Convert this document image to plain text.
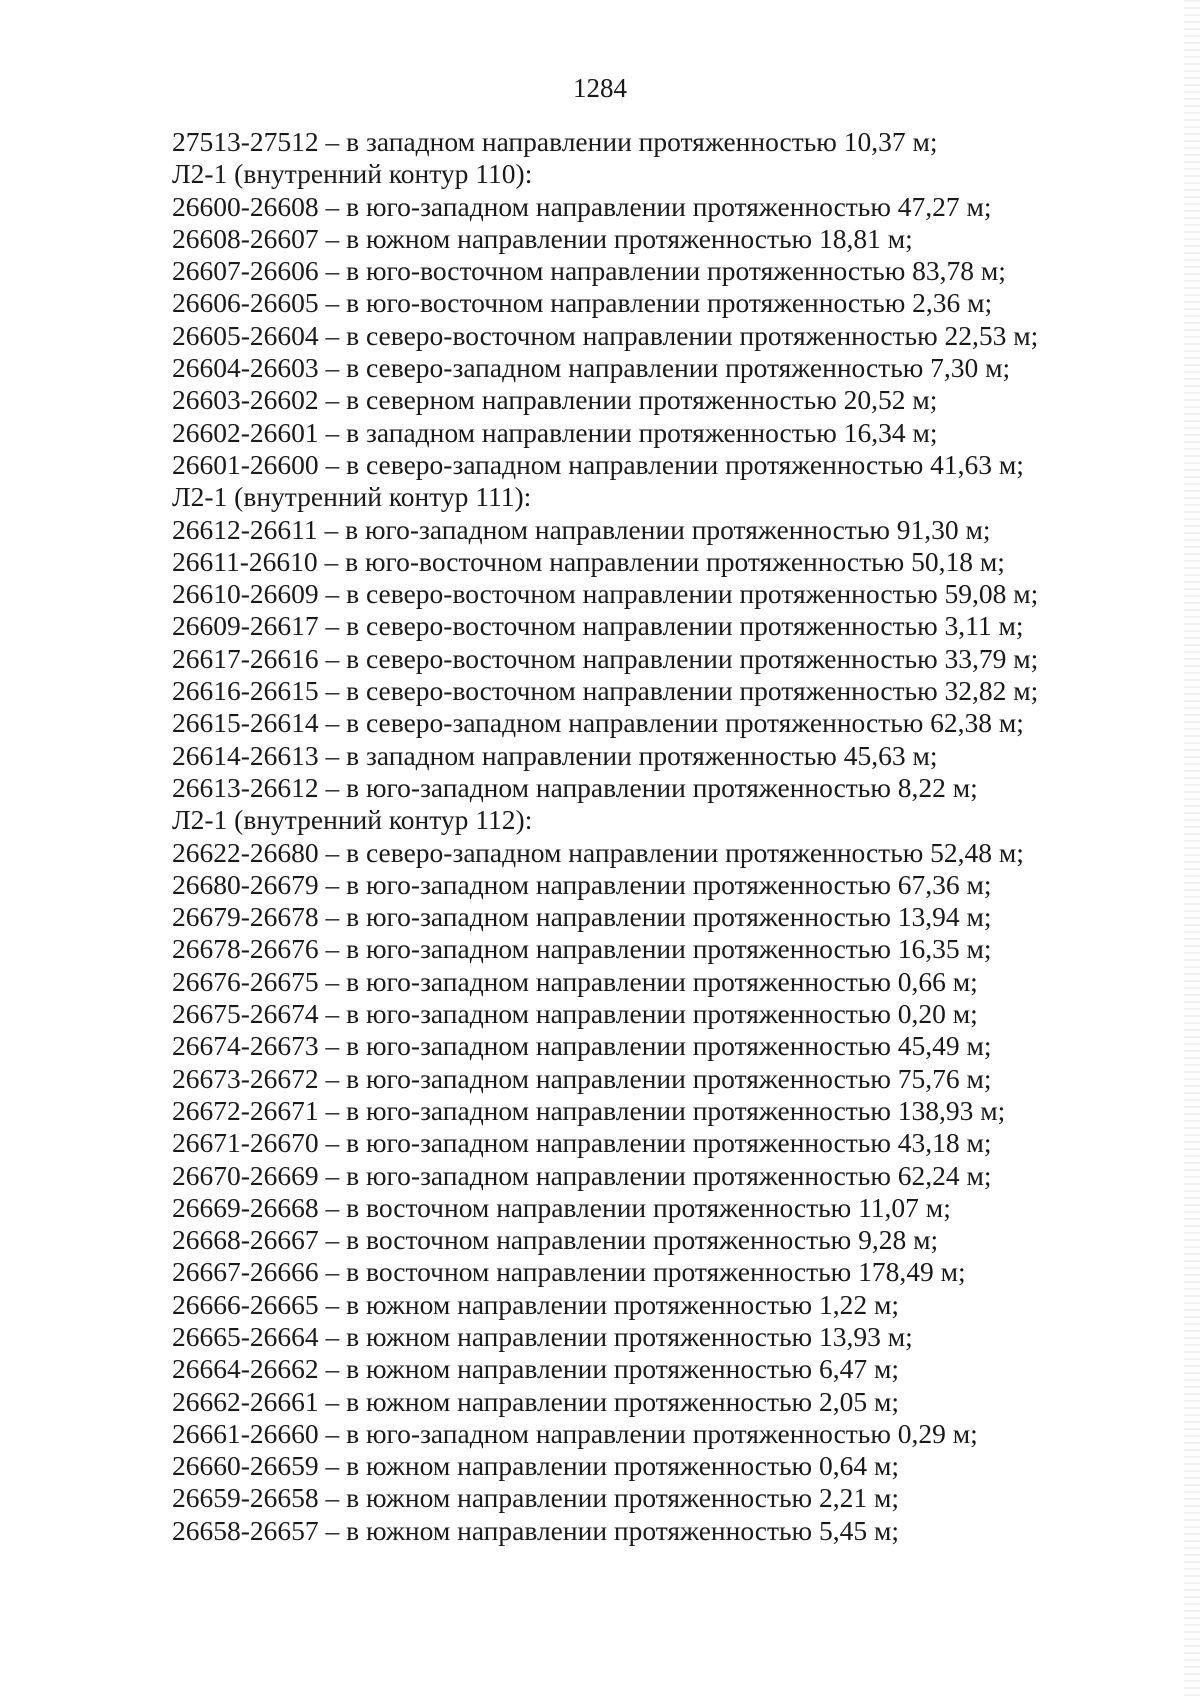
1284
27513-27512 – в западном направлении протяженностью 10,37 м;
Л2-1 (внутренний контур 110):
26600-26608 – в юго-западном направлении протяженностью 47,27 м;
26608-26607 – в южном направлении протяженностью 18,81 м;
26607-26606 – в юго-восточном направлении протяженностью 83,78 м;
26606-26605 – в юго-восточном направлении протяженностью 2,36 м;
26605-26604 – в северо-восточном направлении протяженностью 22,53 м;
26604-26603 – в северо-западном направлении протяженностью 7,30 м;
26603-26602 – в северном направлении протяженностью 20,52 м;
26602-26601 – в западном направлении протяженностью 16,34 м;
26601-26600 – в северо-западном направлении протяженностью 41,63 м;
Л2-1 (внутренний контур 111):
26612-26611 – в юго-западном направлении протяженностью 91,30 м;
26611-26610 – в юго-восточном направлении протяженностью 50,18 м;
26610-26609 – в северо-восточном направлении протяженностью 59,08 м;
26609-26617 – в северо-восточном направлении протяженностью 3,11 м;
26617-26616 – в северо-восточном направлении протяженностью 33,79 м;
26616-26615 – в северо-восточном направлении протяженностью 32,82 м;
26615-26614 – в северо-западном направлении протяженностью 62,38 м;
26614-26613 – в западном направлении протяженностью 45,63 м;
26613-26612 – в юго-западном направлении протяженностью 8,22 м;
Л2-1 (внутренний контур 112):
26622-26680 – в северо-западном направлении протяженностью 52,48 м;
26680-26679 – в юго-западном направлении протяженностью 67,36 м;
26679-26678 – в юго-западном направлении протяженностью 13,94 м;
26678-26676 – в юго-западном направлении протяженностью 16,35 м;
26676-26675 – в юго-западном направлении протяженностью 0,66 м;
26675-26674 – в юго-западном направлении протяженностью 0,20 м;
26674-26673 – в юго-западном направлении протяженностью 45,49 м;
26673-26672 – в юго-западном направлении протяженностью 75,76 м;
26672-26671 – в юго-западном направлении протяженностью 138,93 м;
26671-26670 – в юго-западном направлении протяженностью 43,18 м;
26670-26669 – в юго-западном направлении протяженностью 62,24 м;
26669-26668 – в восточном направлении протяженностью 11,07 м;
26668-26667 – в восточном направлении протяженностью 9,28 м;
26667-26666 – в восточном направлении протяженностью 178,49 м;
26666-26665 – в южном направлении протяженностью 1,22 м;
26665-26664 – в южном направлении протяженностью 13,93 м;
26664-26662 – в южном направлении протяженностью 6,47 м;
26662-26661 – в южном направлении протяженностью 2,05 м;
26661-26660 – в юго-западном направлении протяженностью 0,29 м;
26660-26659 – в южном направлении протяженностью 0,64 м;
26659-26658 – в южном направлении протяженностью 2,21 м;
26658-26657 – в южном направлении протяженностью 5,45 м;
